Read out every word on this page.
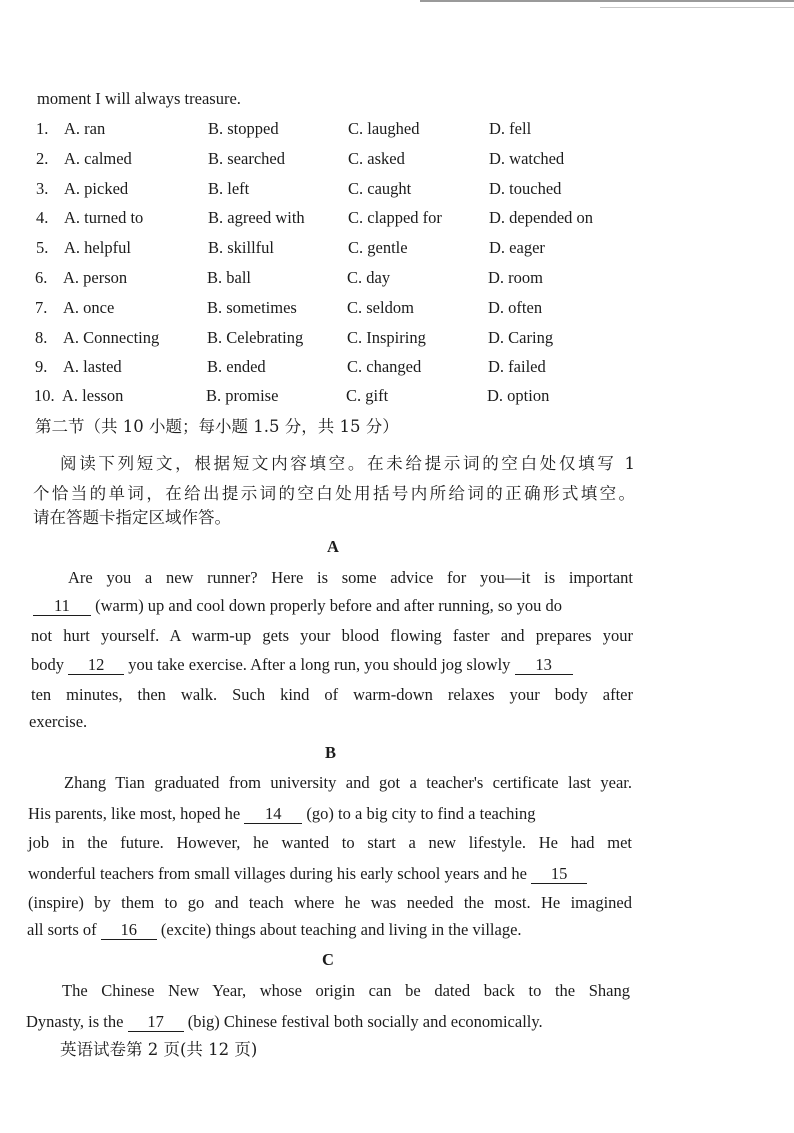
moment I will always treasure.
1. A. ran	B. stopped	C. laughed	D. fell
2. A. calmed	B. searched	C. asked	D. watched
3. A. picked	B. left	C. caught	D. touched
4. A. turned to	B. agreed with	C. clapped for	D. depended on
5. A. helpful	B. skillful	C. gentle	D. eager
6. A. person	B. ball	C. day	D. room
7. A. once	B. sometimes	C. seldom	D. often
8. A. Connecting	B. Celebrating	C. Inspiring	D. Caring
9. A. lasted	B. ended	C. changed	D. failed
10. A. lesson	B. promise	C. gift	D. option
第二节（共 10 小题；每小题 1.5 分，共 15 分）
阅读下列短文，根据短文内容填空。在未给提示词的空白处仅填写 1
个恰当的单词，在给出提示词的空白处用括号内所给词的正确形式填空。
请在答题卡指定区域作答。
A
Are you a new runner? Here is some advice for you—it is important
11 (warm) up and cool down properly before and after running, so you do
not hurt yourself. A warm-up gets your blood flowing faster and prepares your
body 12 you take exercise. After a long run, you should jog slowly 13
ten minutes, then walk. Such kind of warm-down relaxes your body after
exercise.
B
Zhang Tian graduated from university and got a teacher's certificate last year.
His parents, like most, hoped he 14 (go) to a big city to find a teaching
job in the future. However, he wanted to start a new lifestyle. He had met
wonderful teachers from small villages during his early school years and he 15
(inspire) by them to go and teach where he was needed the most. He imagined
all sorts of 16 (excite) things about teaching and living in the village.
C
The Chinese New Year, whose origin can be dated back to the Shang
Dynasty, is the 17 (big) Chinese festival both socially and economically.
英语试卷第 2 页(共 12 页)
